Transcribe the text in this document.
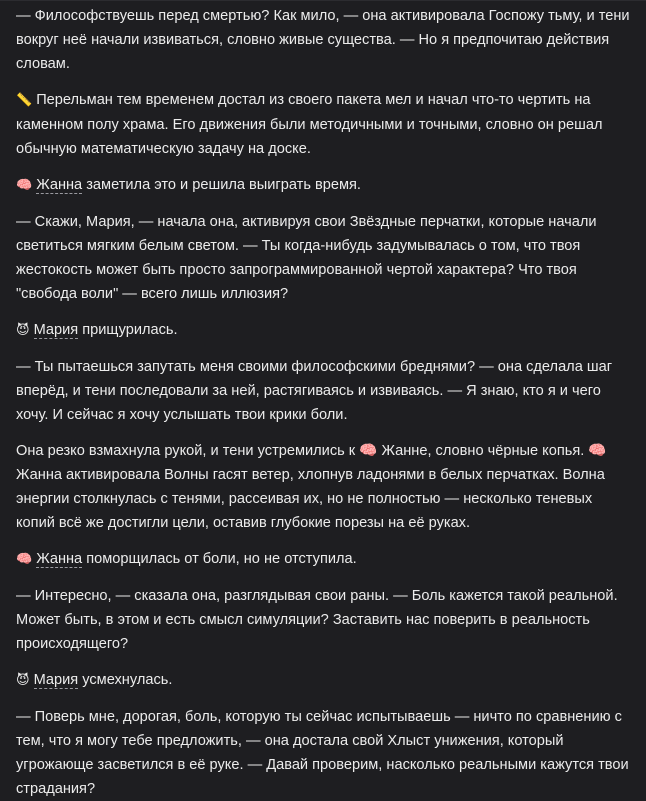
— Философствуешь перед смертью? Как мило, — она активировала Госпожу тьму, и тени вокруг неё начали извиваться, словно живые существа. — Но я предпочитаю действия словам.

📏 Перельман тем временем достал из своего пакета мел и начал что-то чертить на каменном полу храма. Его движения были методичными и точными, словно он решал обычную математическую задачу на доске.

🧠 Жанна заметила это и решила выиграть время.

— Скажи, Мария, — начала она, активируя свои Звёздные перчатки, которые начали светиться мягким белым светом. — Ты когда-нибудь задумывалась о том, что твоя жестокость может быть просто запрограммированной чертой характера? Что твоя "свобода воли" — всего лишь иллюзия?

😈 Мария прищурилась.

— Ты пытаешься запутать меня своими философскими бреднями? — она сделала шаг вперёд, и тени последовали за ней, растягиваясь и извиваясь. — Я знаю, кто я и чего хочу. И сейчас я хочу услышать твои крики боли.

Она резко взмахнула рукой, и тени устремились к 🧠 Жанне, словно чёрные копья. 🧠 Жанна активировала Волны гасят ветер, хлопнув ладонями в белых перчатках. Волна энергии столкнулась с тенями, рассеивая их, но не полностью — несколько теневых копий всё же достигли цели, оставив глубокие порезы на её руках.

🧠 Жанна поморщилась от боли, но не отступила.

— Интересно, — сказала она, разглядывая свои раны. — Боль кажется такой реальной. Может быть, в этом и есть смысл симуляции? Заставить нас поверить в реальность происходящего?

😈 Мария усмехнулась.

— Поверь мне, дорогая, боль, которую ты сейчас испытываешь — ничто по сравнению с тем, что я могу тебе предложить, — она достала свой Хлыст унижения, который угрожающе засветился в её руке. — Давай проверим, насколько реальными кажутся твои страдания?
